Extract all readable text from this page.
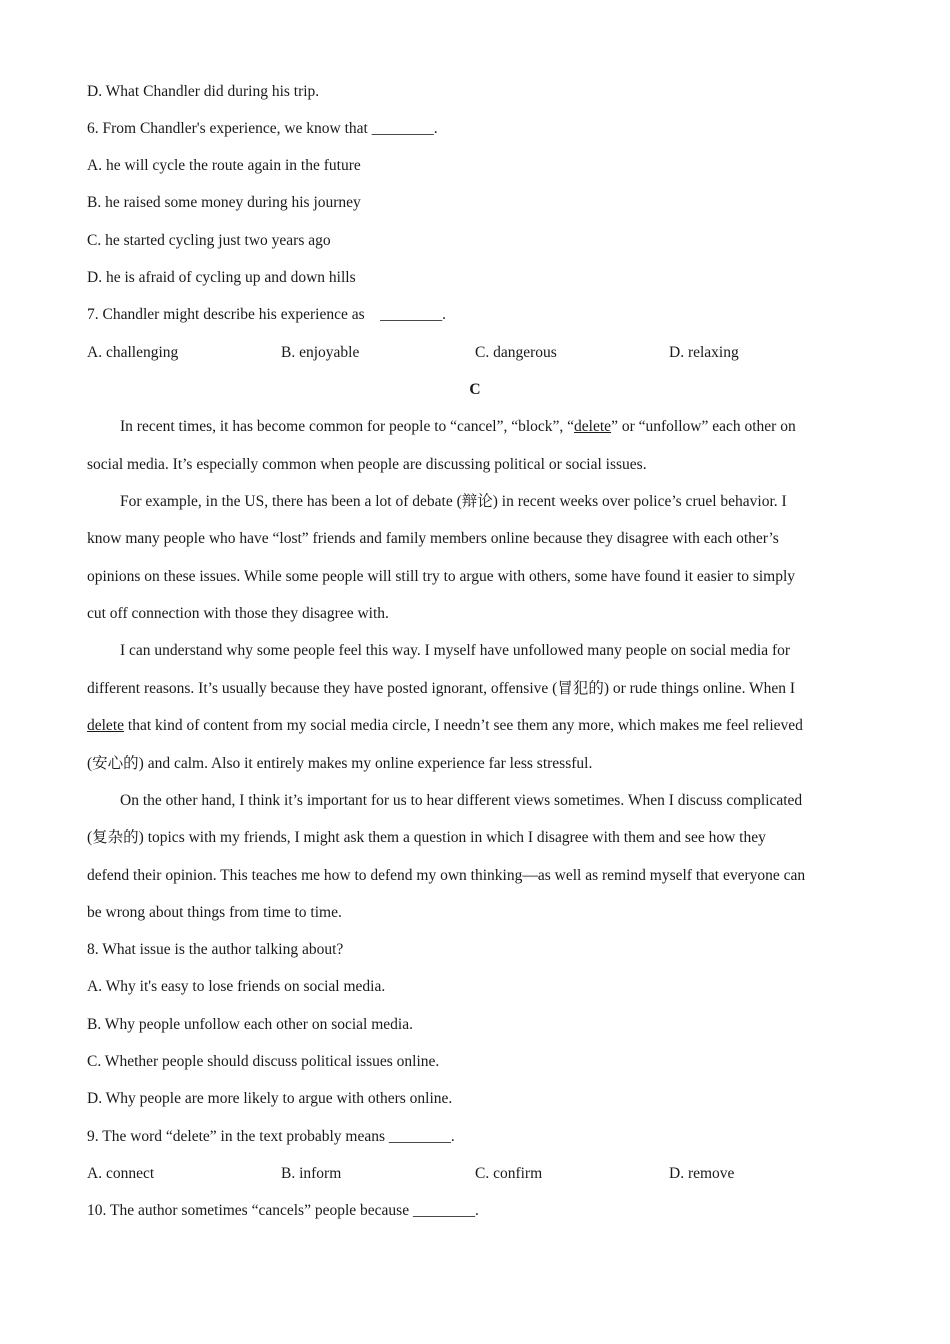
D. What Chandler did during his trip.
6. From Chandler's experience, we know that ________.
A. he will cycle the route again in the future
B. he raised some money during his journey
C. he started cycling just two years ago
D. he is afraid of cycling up and down hills
7. Chandler might describe his experience as    ________.
A. challenging	B. enjoyable	C. dangerous	D. relaxing
C
In recent times, it has become common for people to “cancel”, “block”, “delete” or “unfollow” each other on
social media. It’s especially common when people are discussing political or social issues.
For example, in the US, there has been a lot of debate (辩论) in recent weeks over police’s cruel behavior. I
know many people who have “lost” friends and family members online because they disagree with each other’s
opinions on these issues. While some people will still try to argue with others, some have found it easier to simply
cut off connection with those they disagree with.
I can understand why some people feel this way. I myself have unfollowed many people on social media for
different reasons. It’s usually because they have posted ignorant, offensive (冒犯的) or rude things online. When I
delete that kind of content from my social media circle, I needn’t see them any more, which makes me feel relieved
(安心的) and calm. Also it entirely makes my online experience far less stressful.
On the other hand, I think it’s important for us to hear different views sometimes. When I discuss complicated
(复杂的) topics with my friends, I might ask them a question in which I disagree with them and see how they
defend their opinion. This teaches me how to defend my own thinking—as well as remind myself that everyone can
be wrong about things from time to time.
8. What issue is the author talking about?
A. Why it's easy to lose friends on social media.
B. Why people unfollow each other on social media.
C. Whether people should discuss political issues online.
D. Why people are more likely to argue with others online.
9. The word “delete” in the text probably means ________.
A. connect	B. inform	C. confirm	D. remove
10. The author sometimes “cancels” people because ________.
